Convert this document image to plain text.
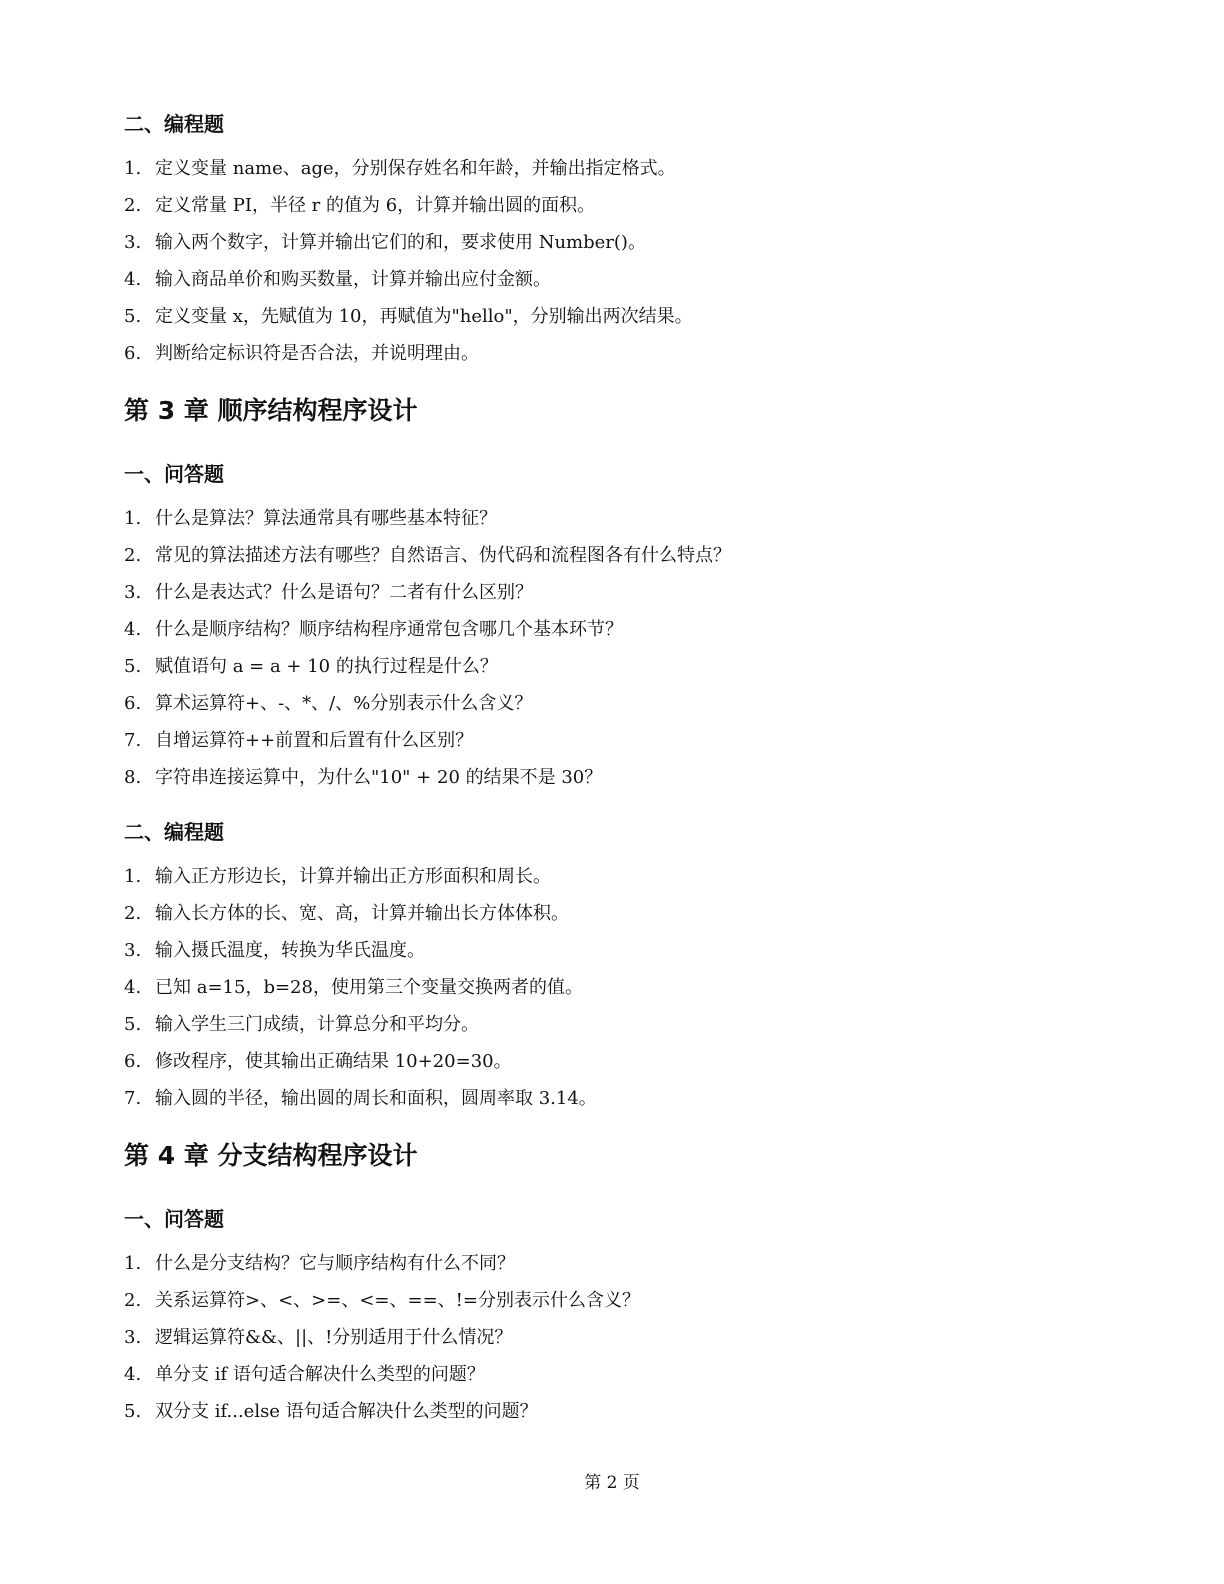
二、编程题
1. 定义变量 name、age，分别保存姓名和年龄，并输出指定格式。
2. 定义常量 PI，半径 r 的值为 6，计算并输出圆的面积。
3. 输入两个数字，计算并输出它们的和，要求使用 Number()。
4. 输入商品单价和购买数量，计算并输出应付金额。
5. 定义变量 x，先赋值为 10，再赋值为"hello"，分别输出两次结果。
6. 判断给定标识符是否合法，并说明理由。
第 3 章 顺序结构程序设计
一、问答题
1. 什么是算法？算法通常具有哪些基本特征？
2. 常见的算法描述方法有哪些？自然语言、伪代码和流程图各有什么特点？
3. 什么是表达式？什么是语句？二者有什么区别？
4. 什么是顺序结构？顺序结构程序通常包含哪几个基本环节？
5. 赋值语句 a = a + 10 的执行过程是什么？
6. 算术运算符+、-、*、/、%分别表示什么含义？
7. 自增运算符++前置和后置有什么区别？
8. 字符串连接运算中，为什么"10" + 20 的结果不是 30？
二、编程题
1. 输入正方形边长，计算并输出正方形面积和周长。
2. 输入长方体的长、宽、高，计算并输出长方体体积。
3. 输入摄氏温度，转换为华氏温度。
4. 已知 a=15，b=28，使用第三个变量交换两者的值。
5. 输入学生三门成绩，计算总分和平均分。
6. 修改程序，使其输出正确结果 10+20=30。
7. 输入圆的半径，输出圆的周长和面积，圆周率取 3.14。
第 4 章 分支结构程序设计
一、问答题
1. 什么是分支结构？它与顺序结构有什么不同？
2. 关系运算符>、<、>=、<=、==、!=分别表示什么含义？
3. 逻辑运算符&&、||、!分别适用于什么情况？
4. 单分支 if 语句适合解决什么类型的问题？
5. 双分支 if...else 语句适合解决什么类型的问题？
第 2 页
